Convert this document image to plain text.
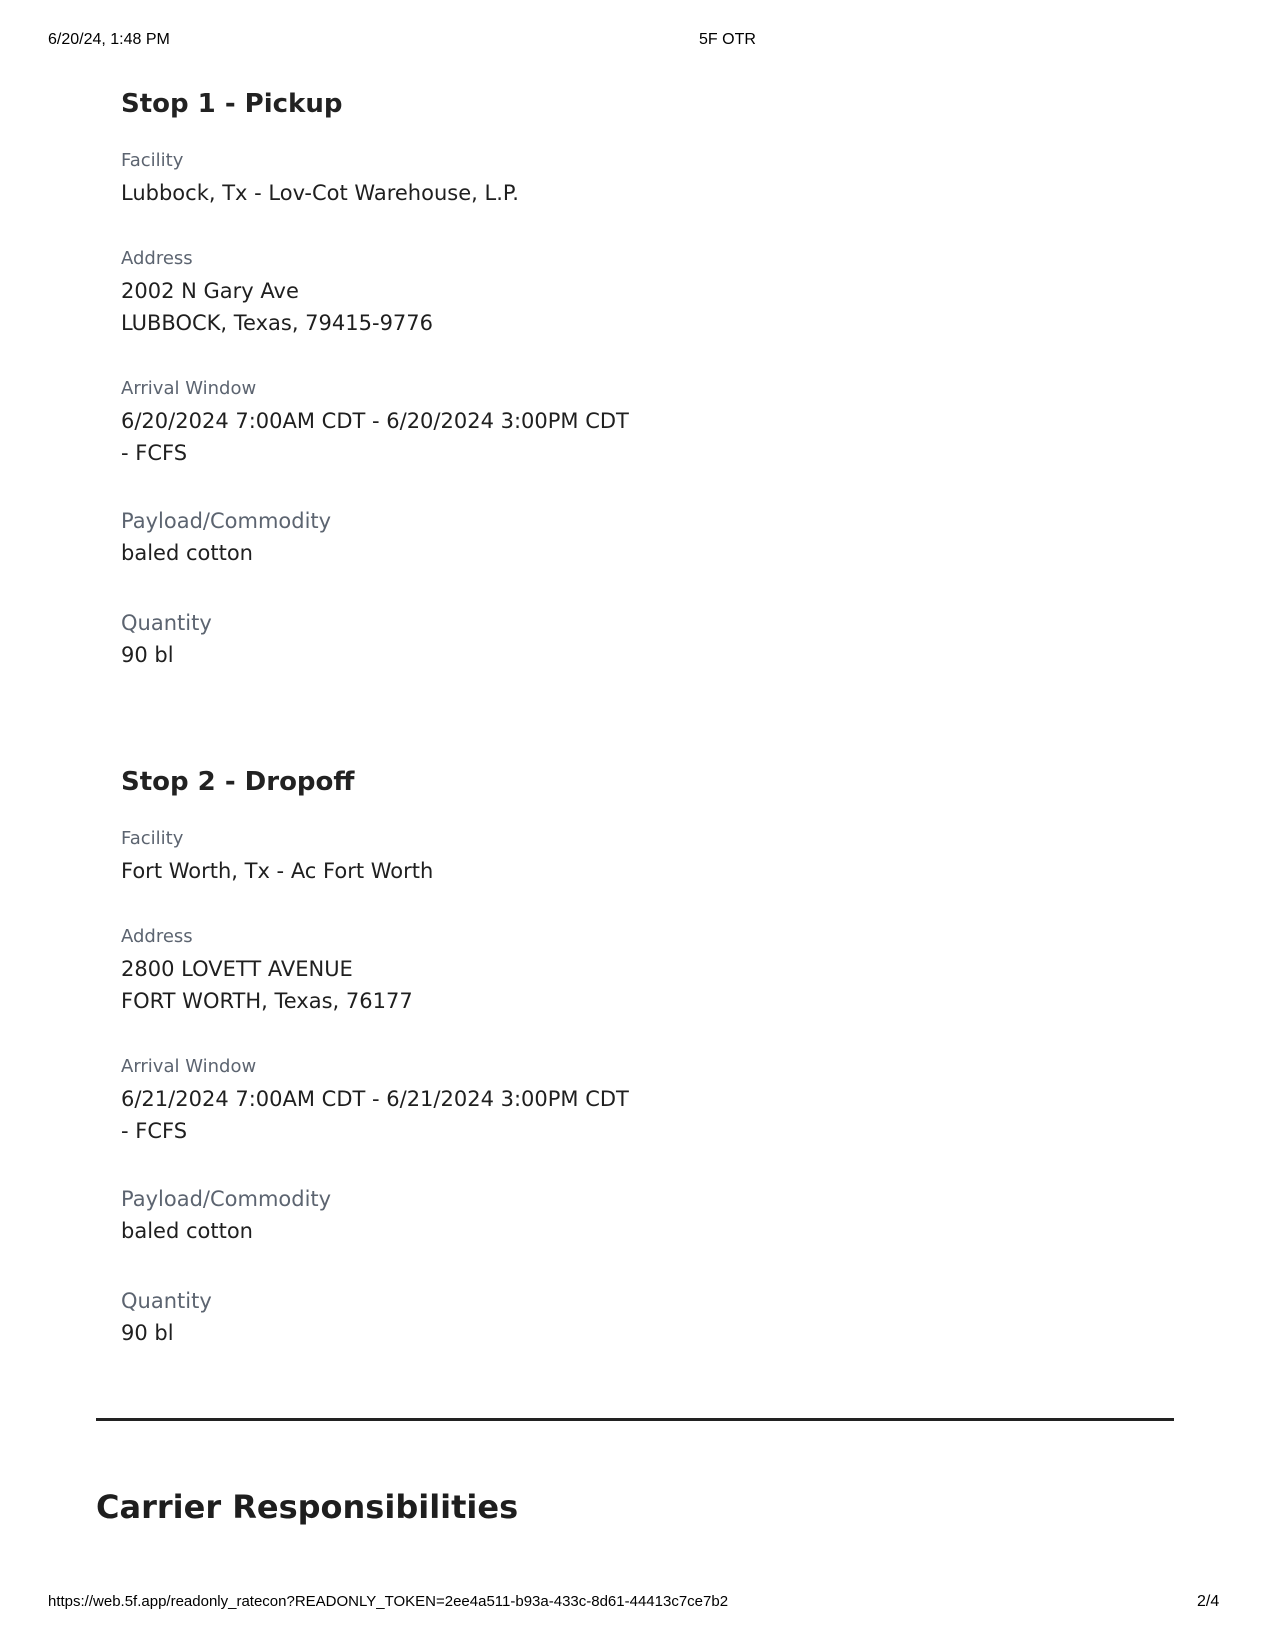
6/20/24, 1:48 PM	5F OTR
Stop 1 - Pickup
Facility
Lubbock, Tx - Lov-Cot Warehouse, L.P.
Address
2002 N Gary Ave
LUBBOCK, Texas, 79415-9776
Arrival Window
6/20/2024 7:00AM CDT - 6/20/2024 3:00PM CDT
- FCFS
Payload/Commodity
baled cotton
Quantity
90 bl
Stop 2 - Dropoff
Facility
Fort Worth, Tx - Ac Fort Worth
Address
2800 LOVETT AVENUE
FORT WORTH, Texas, 76177
Arrival Window
6/21/2024 7:00AM CDT - 6/21/2024 3:00PM CDT
- FCFS
Payload/Commodity
baled cotton
Quantity
90 bl
Carrier Responsibilities
https://web.5f.app/readonly_ratecon?READONLY_TOKEN=2ee4a511-b93a-433c-8d61-44413c7ce7b2	2/4
